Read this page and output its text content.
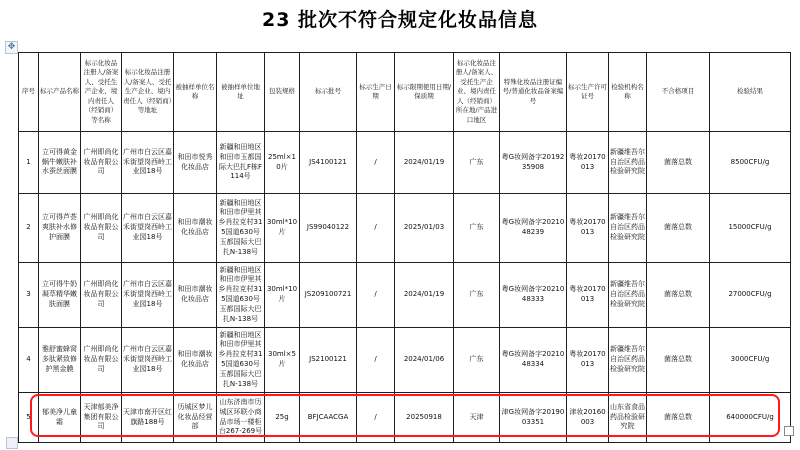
23 批次不符合规定化妆品信息
✥
序号	标示产品名称	标示化妆品注册人/备案人、受托生产企业、境内责任人（经销商）等名称	标示化妆品注册人/备案人、受托生产企业、境内责任人（经销商）等地址	被抽样单位名称	被抽样单位地址	包装规格	标示批号	标示生产日期	标示限期使用日期/保质期	标示化妆品注册人/备案人、受托生产企业、境内责任人（经销商）所在地/产品进口地区	特殊化妆品注册证编号/普通化妆品备案编号	标示生产许可证号	检验机构名称	不合格项目	检验结果
1	立可得黄金蜗牛嫩肤补水蚕丝面膜	广州即尚化妆品有限公司	广州市白云区嘉禾街望岗西岭工业园18号	和田市悦秀化妆品店	新疆和田地区和田市玉都国际大巴扎F栋F114号	25ml×10片	JS4100121	/	2024/01/19	广东	粤G妆网备字2019235908	粤妆20170013	新疆维吾尔自治区药品检验研究院	菌落总数	8500CFU/g
2	立可得芦荟爽肤补水修护面膜	广州即尚化妆品有限公司	广州市白云区嘉禾街望岗西岭工业园18号	和田市潮妆化妆品店	新疆和田地区和田市伊里其乡肖拉克村315国道630号玉都国际大巴扎N-138号	30ml*10片	JS99040122	/	2025/01/03	广东	粤G妆网备字2021048239	粤妆20170013	新疆维吾尔自治区药品检验研究院	菌落总数	15000CFU/g
3	立可得牛奶凝萃精华嫩肤面膜	广州即尚化妆品有限公司	广州市白云区嘉禾街望岗西岭工业园18号	和田市潮妆化妆品店	新疆和田地区和田市伊里其乡肖拉克村315国道630号玉都国际大巴扎N-138号	30ml*10片	JS209100721	/	2024/01/19	广东	粤G妆网备字2021048333	粤妆20170013	新疆维吾尔自治区药品检验研究院	菌落总数	27000CFU/g
4	雅舒蜜蜂窝多肽紧致修护黑金膜	广州即尚化妆品有限公司	广州市白云区嘉禾街望岗西岭工业园18号	和田市潮妆化妆品店	新疆和田地区和田市伊里其乡肖拉克村315国道630号玉都国际大巴扎N-138号	30ml×5片	JS2100121	/	2024/01/06	广东	粤G妆网备字2021048334	粤妆20170013	新疆维吾尔自治区药品检验研究院	菌落总数	3000CFU/g
5	郁美净儿童霜	天津郁美净集团有限公司	天津市南开区红旗路188号	历城区梦儿化妆品经营部	山东济南市历城区环联小商品市场一楼柜台267-269号	25g	BFJCAACGA	/	20250918	天津	津G妆网备字2019003351	津妆20160003	山东省食品药品检验研究院	菌落总数	640000CFU/g
